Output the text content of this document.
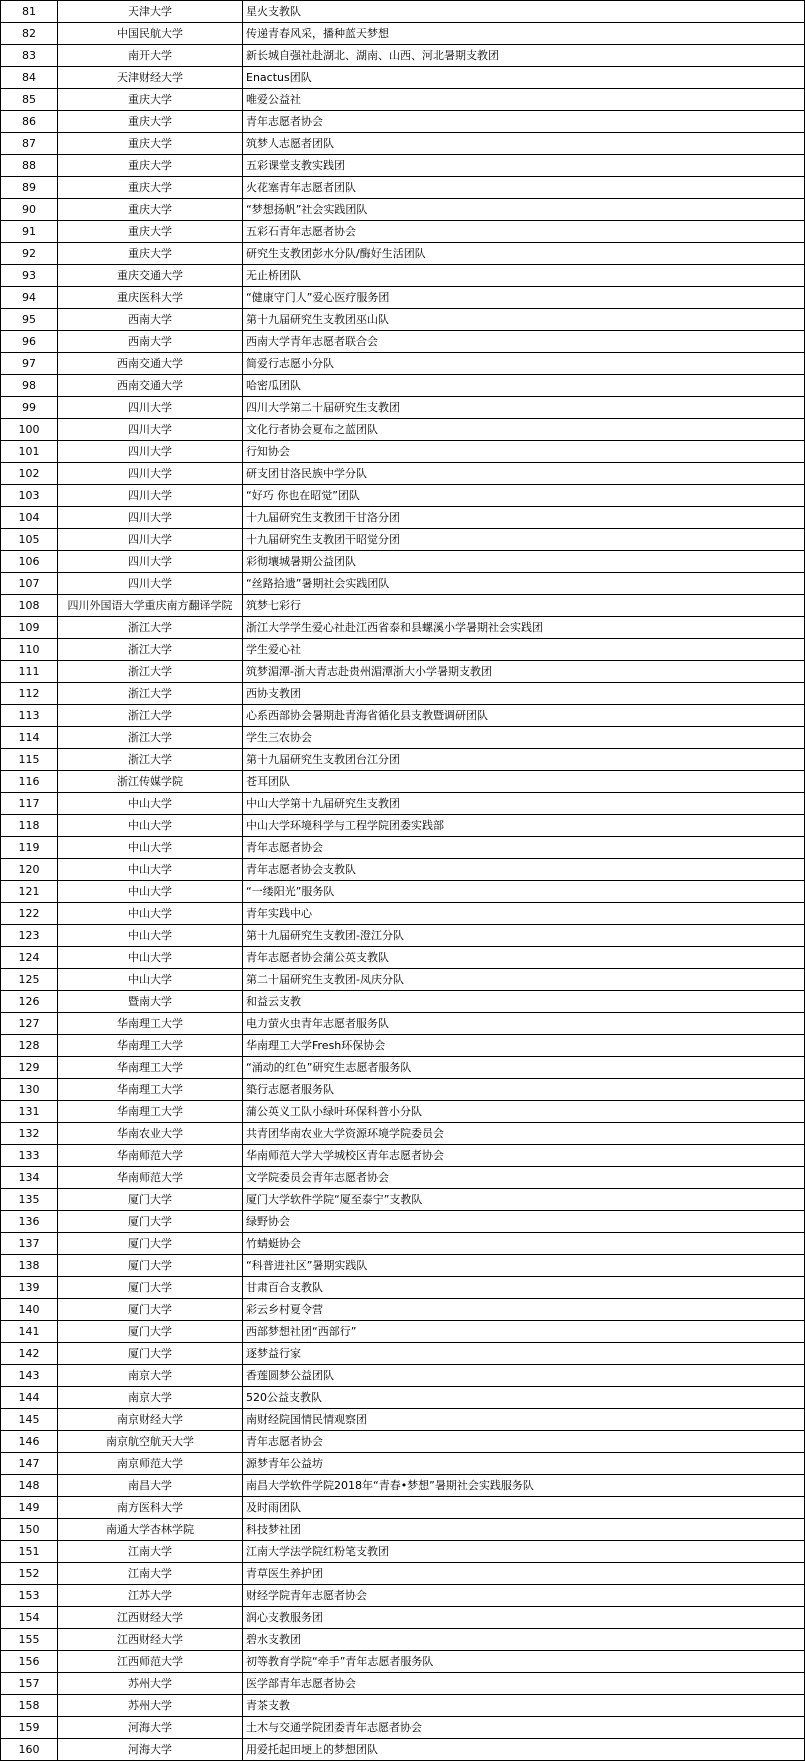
81	天津大学	星火支教队
82	中国民航大学	传递青春风采，播种蓝天梦想
83	南开大学	新长城自强社赴湖北、湖南、山西、河北暑期支教团
84	天津财经大学	Enactus团队
85	重庆大学	唯爱公益社
86	重庆大学	青年志愿者协会
87	重庆大学	筑梦人志愿者团队
88	重庆大学	五彩课堂支教实践团
89	重庆大学	火花塞青年志愿者团队
90	重庆大学	“梦想扬帆”社会实践团队
91	重庆大学	五彩石青年志愿者协会
92	重庆大学	研究生支教团彭水分队/酶好生活团队
93	重庆交通大学	无止桥团队
94	重庆医科大学	“健康守门人”爱心医疗服务团
95	西南大学	第十九届研究生支教团巫山队
96	西南大学	西南大学青年志愿者联合会
97	西南交通大学	简爱行志愿小分队
98	西南交通大学	哈密瓜团队
99	四川大学	四川大学第二十届研究生支教团
100	四川大学	文化行者协会夏布之蓝团队
101	四川大学	行知协会
102	四川大学	研支团甘洛民族中学分队
103	四川大学	“好巧 你也在昭觉”团队
104	四川大学	十九届研究生支教团干甘洛分团
105	四川大学	十九届研究生支教团干昭觉分团
106	四川大学	彩彻壤城暑期公益团队
107	四川大学	“丝路拾遗”暑期社会实践团队
108	四川外国语大学重庆南方翻译学院	筑梦七彩行
109	浙江大学	浙江大学学生爱心社赴江西省泰和县螺溪小学暑期社会实践团
110	浙江大学	学生爱心社
111	浙江大学	筑梦湄潭-浙大青志赴贵州湄潭浙大小学暑期支教团
112	浙江大学	西协支教团
113	浙江大学	心系西部协会暑期赴青海省循化县支教暨调研团队
114	浙江大学	学生三农协会
115	浙江大学	第十九届研究生支教团台江分团
116	浙江传媒学院	苍耳团队
117	中山大学	中山大学第十九届研究生支教团
118	中山大学	中山大学环境科学与工程学院团委实践部
119	中山大学	青年志愿者协会
120	中山大学	青年志愿者协会支教队
121	中山大学	“一缕阳光”服务队
122	中山大学	青年实践中心
123	中山大学	第十九届研究生支教团-澄江分队
124	中山大学	青年志愿者协会蒲公英支教队
125	中山大学	第二十届研究生支教团-凤庆分队
126	暨南大学	和益云支教
127	华南理工大学	电力萤火虫青年志愿者服务队
128	华南理工大学	华南理工大学Fresh环保协会
129	华南理工大学	“涌动的红色”研究生志愿者服务队
130	华南理工大学	築行志愿者服务队
131	华南理工大学	蒲公英义工队小绿叶环保科普小分队
132	华南农业大学	共青团华南农业大学资源环境学院委员会
133	华南师范大学	华南师范大学大学城校区青年志愿者协会
134	华南师范大学	文学院委员会青年志愿者协会
135	厦门大学	厦门大学软件学院“厦至泰宁”支教队
136	厦门大学	绿野协会
137	厦门大学	竹蜻蜓协会
138	厦门大学	“科普进社区”暑期实践队
139	厦门大学	甘肃百合支教队
140	厦门大学	彩云乡村夏令营
141	厦门大学	西部梦想社团“西部行”
142	厦门大学	逐梦益行家
143	南京大学	香莲圆梦公益团队
144	南京大学	520公益支教队
145	南京财经大学	南财经院国情民情观察团
146	南京航空航天大学	青年志愿者协会
147	南京师范大学	源梦青年公益坊
148	南昌大学	南昌大学软件学院2018年“青春•梦想”暑期社会实践服务队
149	南方医科大学	及时雨团队
150	南通大学杏林学院	科技梦社团
151	江南大学	江南大学法学院红粉笔支教团
152	江南大学	青草医生养护团
153	江苏大学	财经学院青年志愿者协会
154	江西财经大学	润心支教服务团
155	江西财经大学	碧水支教团
156	江西师范大学	初等教育学院“牵手”青年志愿者服务队
157	苏州大学	医学部青年志愿者协会
158	苏州大学	青茶支教
159	河海大学	土木与交通学院团委青年志愿者协会
160	河海大学	用爱托起田埂上的梦想团队
